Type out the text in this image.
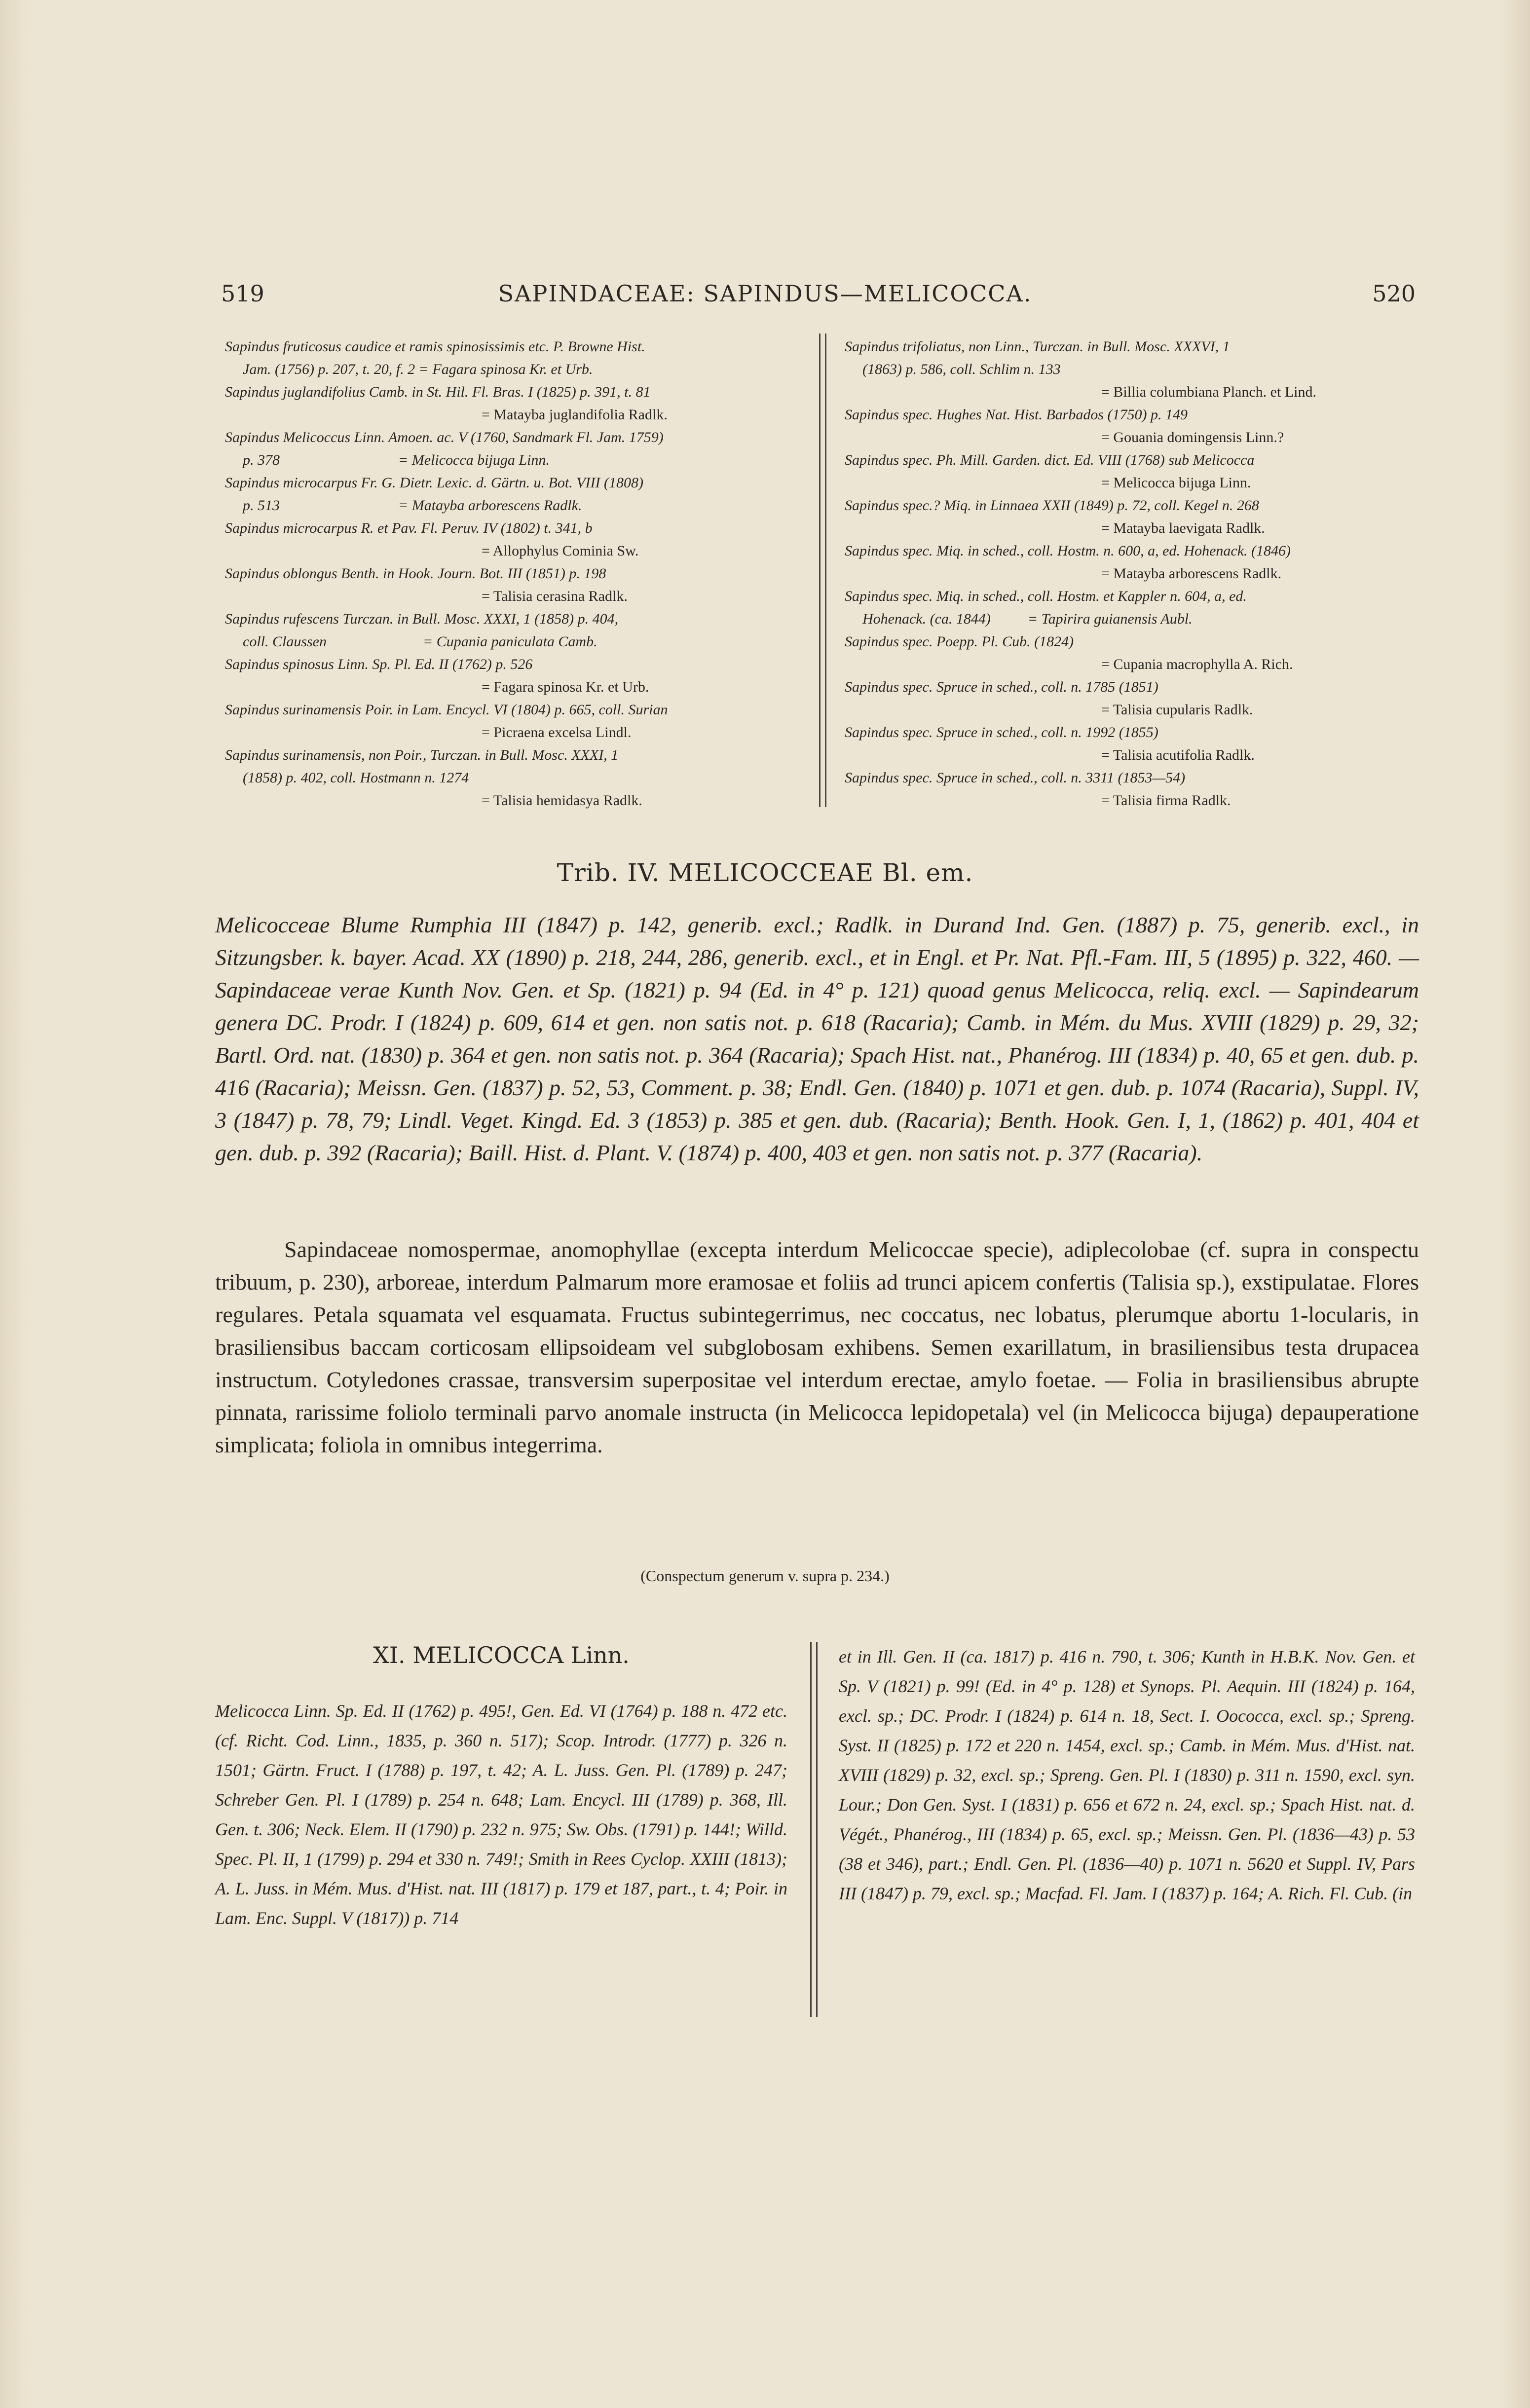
519	SAPINDACEAE: SAPINDUS—MELICOCCA.	520
Sapindus fruticosus caudice et ramis spinosissimis etc. P. Browne Hist.
Jam. (1756) p. 207, t. 20, f. 2 = Fagara spinosa Kr. et Urb.
Sapindus juglandifolius Camb. in St. Hil. Fl. Bras. I (1825) p. 391, t. 81
= Matayba juglandifolia Radlk.
Sapindus Melicoccus Linn. Amoen. ac. V (1760, Sandmark Fl. Jam. 1759)
p. 378                                = Melicocca bijuga Linn.
Sapindus microcarpus Fr. G. Dietr. Lexic. d. Gärtn. u. Bot. VIII (1808)
p. 513                                = Matayba arborescens Radlk.
Sapindus microcarpus R. et Pav. Fl. Peruv. IV (1802) t. 341, b
= Allophylus Cominia Sw.
Sapindus oblongus Benth. in Hook. Journ. Bot. III (1851) p. 198
= Talisia cerasina Radlk.
Sapindus rufescens Turczan. in Bull. Mosc. XXXI, 1 (1858) p. 404,
coll. Claussen                          = Cupania paniculata Camb.
Sapindus spinosus Linn. Sp. Pl. Ed. II (1762) p. 526
= Fagara spinosa Kr. et Urb.
Sapindus surinamensis Poir. in Lam. Encycl. VI (1804) p. 665, coll. Surian
= Picraena excelsa Lindl.
Sapindus surinamensis, non Poir., Turczan. in Bull. Mosc. XXXI, 1
(1858) p. 402, coll. Hostmann n. 1274
= Talisia hemidasya Radlk.
Sapindus trifoliatus, non Linn., Turczan. in Bull. Mosc. XXXVI, 1
(1863) p. 586, coll. Schlim n. 133
= Billia columbiana Planch. et Lind.
Sapindus spec. Hughes Nat. Hist. Barbados (1750) p. 149
= Gouania domingensis Linn.?
Sapindus spec. Ph. Mill. Garden. dict. Ed. VIII (1768) sub Melicocca
= Melicocca bijuga Linn.
Sapindus spec.? Miq. in Linnaea XXII (1849) p. 72, coll. Kegel n. 268
= Matayba laevigata Radlk.
Sapindus spec. Miq. in sched., coll. Hostm. n. 600, a, ed. Hohenack. (1846)
= Matayba arborescens Radlk.
Sapindus spec. Miq. in sched., coll. Hostm. et Kappler n. 604, a, ed.
Hohenack. (ca. 1844)          = Tapirira guianensis Aubl.
Sapindus spec. Poepp. Pl. Cub. (1824)
= Cupania macrophylla A. Rich.
Sapindus spec. Spruce in sched., coll. n. 1785 (1851)
= Talisia cupularis Radlk.
Sapindus spec. Spruce in sched., coll. n. 1992 (1855)
= Talisia acutifolia Radlk.
Sapindus spec. Spruce in sched., coll. n. 3311 (1853—54)
= Talisia firma Radlk.
Trib. IV. MELICOCCEAE Bl. em.
Melicocceae Blume Rumphia III (1847) p. 142, generib. excl.; Radlk. in Durand Ind. Gen. (1887) p. 75, generib. excl., in Sitzungsber. k. bayer. Acad. XX (1890) p. 218, 244, 286, generib. excl., et in Engl. et Pr. Nat. Pfl.-Fam. III, 5 (1895) p. 322, 460. — Sapindaceae verae Kunth Nov. Gen. et Sp. (1821) p. 94 (Ed. in 4° p. 121) quoad genus Melicocca, reliq. excl. — Sapindearum genera DC. Prodr. I (1824) p. 609, 614 et gen. non satis not. p. 618 (Racaria); Camb. in Mém. du Mus. XVIII (1829) p. 29, 32; Bartl. Ord. nat. (1830) p. 364 et gen. non satis not. p. 364 (Racaria); Spach Hist. nat., Phanérog. III (1834) p. 40, 65 et gen. dub. p. 416 (Racaria); Meissn. Gen. (1837) p. 52, 53, Comment. p. 38; Endl. Gen. (1840) p. 1071 et gen. dub. p. 1074 (Racaria), Suppl. IV, 3 (1847) p. 78, 79; Lindl. Veget. Kingd. Ed. 3 (1853) p. 385 et gen. dub. (Racaria); Benth. Hook. Gen. I, 1, (1862) p. 401, 404 et gen. dub. p. 392 (Racaria); Baill. Hist. d. Plant. V. (1874) p. 400, 403 et gen. non satis not. p. 377 (Racaria).
Sapindaceae nomospermae, anomophyllae (excepta interdum Melicoccae specie), adiplecolobae (cf. supra in conspectu tribuum, p. 230), arboreae, interdum Palmarum more eramosae et foliis ad trunci apicem confertis (Talisia sp.), exstipulatae. Flores regulares. Petala squamata vel esquamata. Fructus subintegerrimus, nec coccatus, nec lobatus, plerumque abortu 1-locularis, in brasiliensibus baccam corticosam ellipsoideam vel subglobosam exhibens. Semen exarillatum, in brasiliensibus testa drupacea instructum. Cotyledones crassae, transversim superpositae vel interdum erectae, amylo foetae. — Folia in brasiliensibus abrupte pinnata, rarissime foliolo terminali parvo anomale instructa (in Melicocca lepidopetala) vel (in Melicocca bijuga) depauperatione simplicata; foliola in omnibus integerrima.
(Conspectum generum v. supra p. 234.)
XI. MELICOCCA Linn.
Melicocca Linn. Sp. Ed. II (1762) p. 495!, Gen. Ed. VI (1764) p. 188 n. 472 etc. (cf. Richt. Cod. Linn., 1835, p. 360 n. 517); Scop. Introdr. (1777) p. 326 n. 1501; Gärtn. Fruct. I (1788) p. 197, t. 42; A. L. Juss. Gen. Pl. (1789) p. 247; Schreber Gen. Pl. I (1789) p. 254 n. 648; Lam. Encycl. III (1789) p. 368, Ill. Gen. t. 306; Neck. Elem. II (1790) p. 232 n. 975; Sw. Obs. (1791) p. 144!; Willd. Spec. Pl. II, 1 (1799) p. 294 et 330 n. 749!; Smith in Rees Cyclop. XXIII (1813); A. L. Juss. in Mém. Mus. d'Hist. nat. III (1817) p. 179 et 187, part., t. 4; Poir. in Lam. Enc. Suppl. V (1817)) p. 714
et in Ill. Gen. II (ca. 1817) p. 416 n. 790, t. 306; Kunth in H.B.K. Nov. Gen. et Sp. V (1821) p. 99! (Ed. in 4° p. 128) et Synops. Pl. Aequin. III (1824) p. 164, excl. sp.; DC. Prodr. I (1824) p. 614 n. 18, Sect. I. Oococca, excl. sp.; Spreng. Syst. II (1825) p. 172 et 220 n. 1454, excl. sp.; Camb. in Mém. Mus. d'Hist. nat. XVIII (1829) p. 32, excl. sp.; Spreng. Gen. Pl. I (1830) p. 311 n. 1590, excl. syn. Lour.; Don Gen. Syst. I (1831) p. 656 et 672 n. 24, excl. sp.; Spach Hist. nat. d. Végét., Phanérog., III (1834) p. 65, excl. sp.; Meissn. Gen. Pl. (1836—43) p. 53 (38 et 346), part.; Endl. Gen. Pl. (1836—40) p. 1071 n. 5620 et Suppl. IV, Pars III (1847) p. 79, excl. sp.; Macfad. Fl. Jam. I (1837) p. 164; A. Rich. Fl. Cub. (in
